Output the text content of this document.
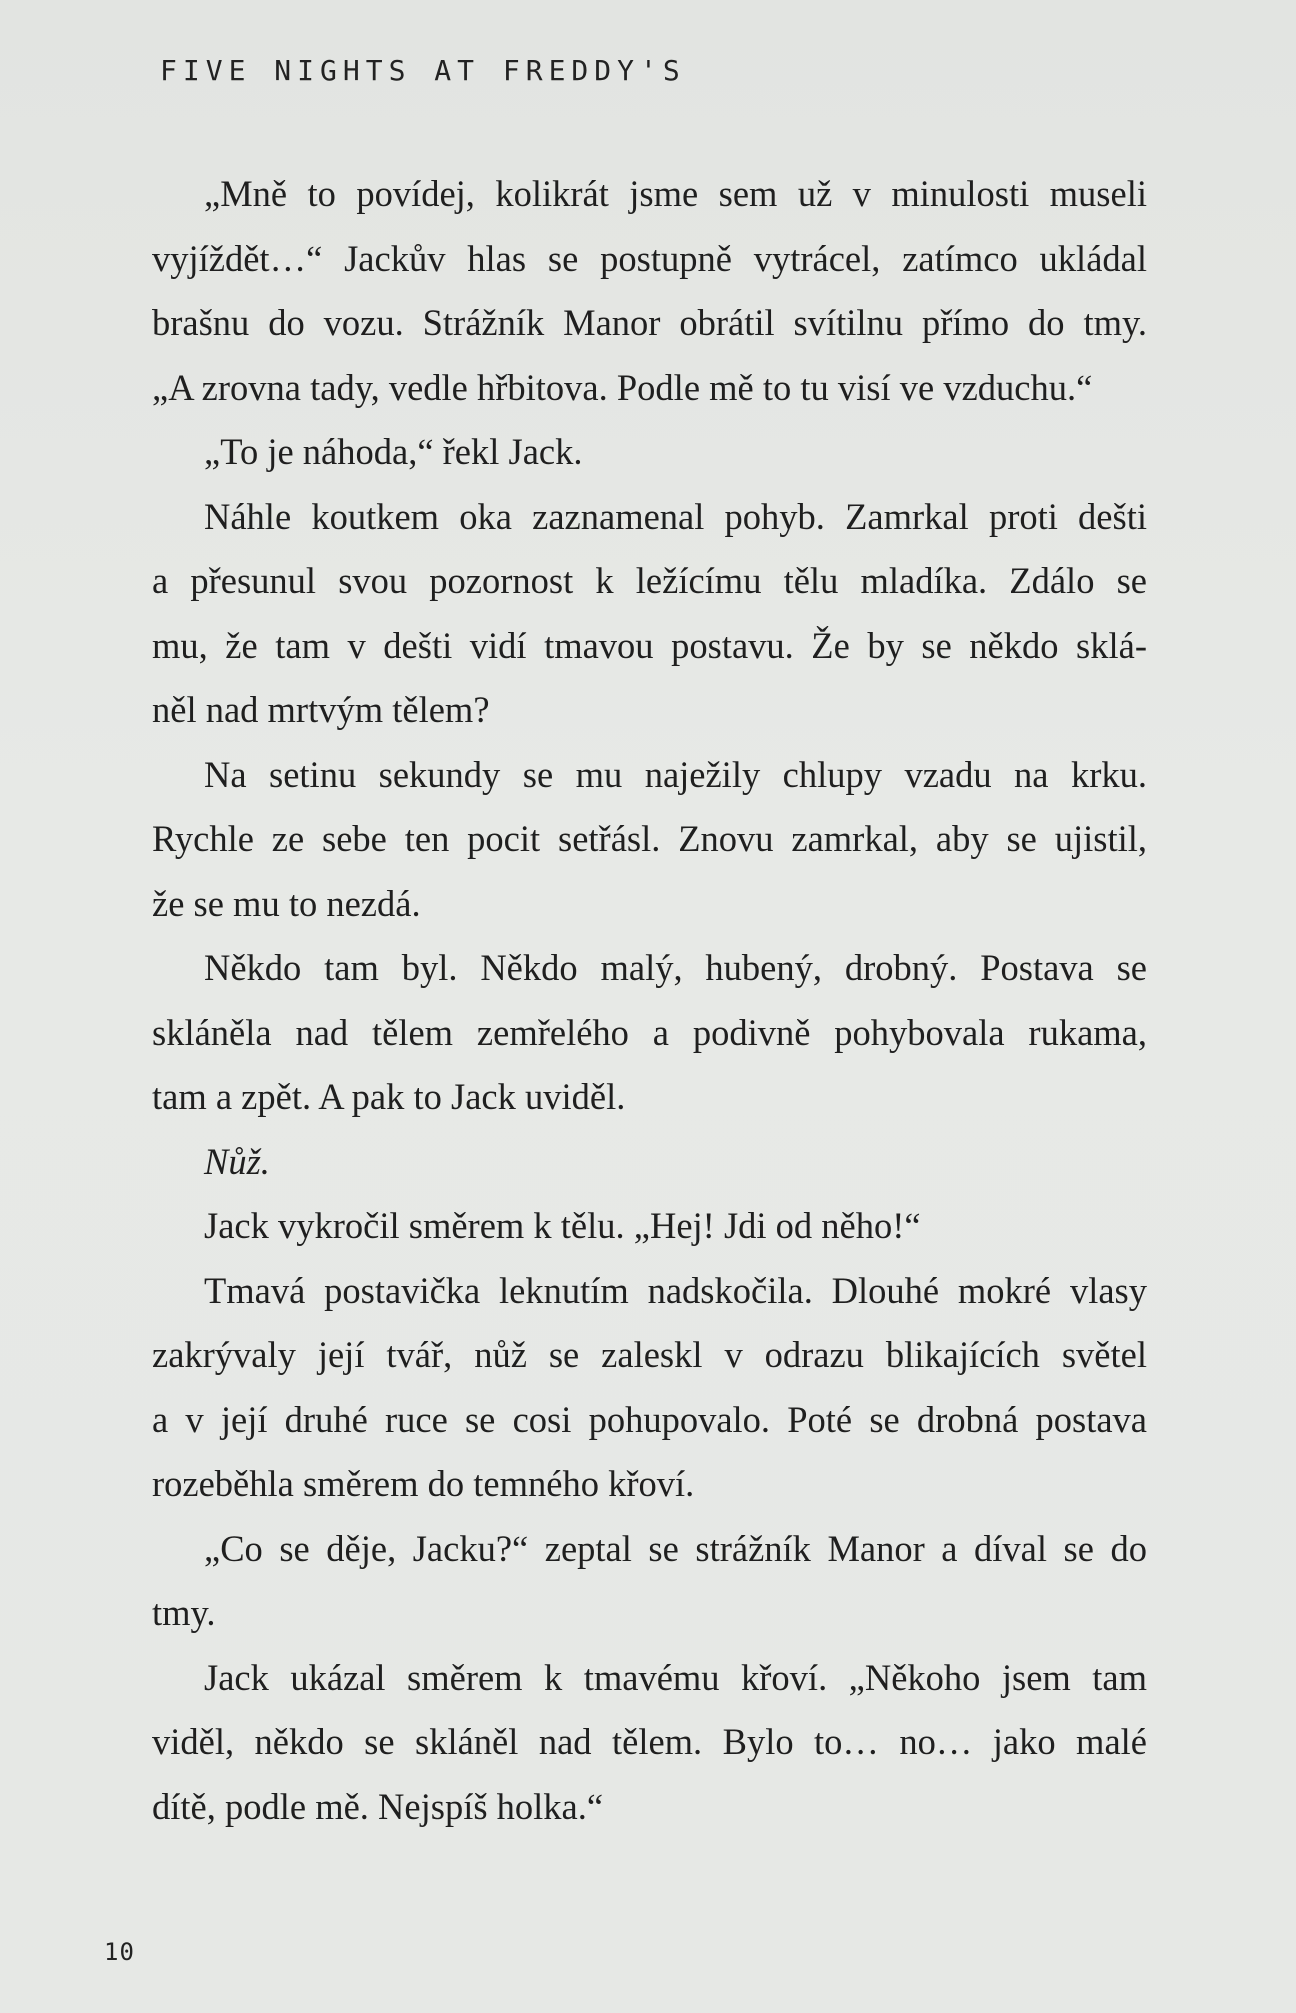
FIVE NIGHTS AT FREDDY'S
„Mně to povídej, kolikrát jsme sem už v minulosti museli
vyjíždět…“ Jackův hlas se postupně vytrácel, zatímco ukládal
brašnu do vozu. Strážník Manor obrátil svítilnu přímo do tmy.
„A zrovna tady, vedle hřbitova. Podle mě to tu visí ve vzduchu.“
„To je náhoda,“ řekl Jack.
Náhle koutkem oka zaznamenal pohyb. Zamrkal proti dešti
a přesunul svou pozornost k ležícímu tělu mladíka. Zdálo se
mu, že tam v dešti vidí tmavou postavu. Že by se někdo sklá-
něl nad mrtvým tělem?
Na setinu sekundy se mu naježily chlupy vzadu na krku.
Rychle ze sebe ten pocit setřásl. Znovu zamrkal, aby se ujistil,
že se mu to nezdá.
Někdo tam byl. Někdo malý, hubený, drobný. Postava se
skláněla nad tělem zemřelého a podivně pohybovala rukama,
tam a zpět. A pak to Jack uviděl.
Nůž.
Jack vykročil směrem k tělu. „Hej! Jdi od něho!“
Tmavá postavička leknutím nadskočila. Dlouhé mokré vlasy
zakrývaly její tvář, nůž se zaleskl v odrazu blikajících světel
a v její druhé ruce se cosi pohupovalo. Poté se drobná postava
rozeběhla směrem do temného křoví.
„Co se děje, Jacku?“ zeptal se strážník Manor a díval se do
tmy.
Jack ukázal směrem k tmavému křoví. „Někoho jsem tam
viděl, někdo se skláněl nad tělem. Bylo to… no… jako malé
dítě, podle mě. Nejspíš holka.“
10
